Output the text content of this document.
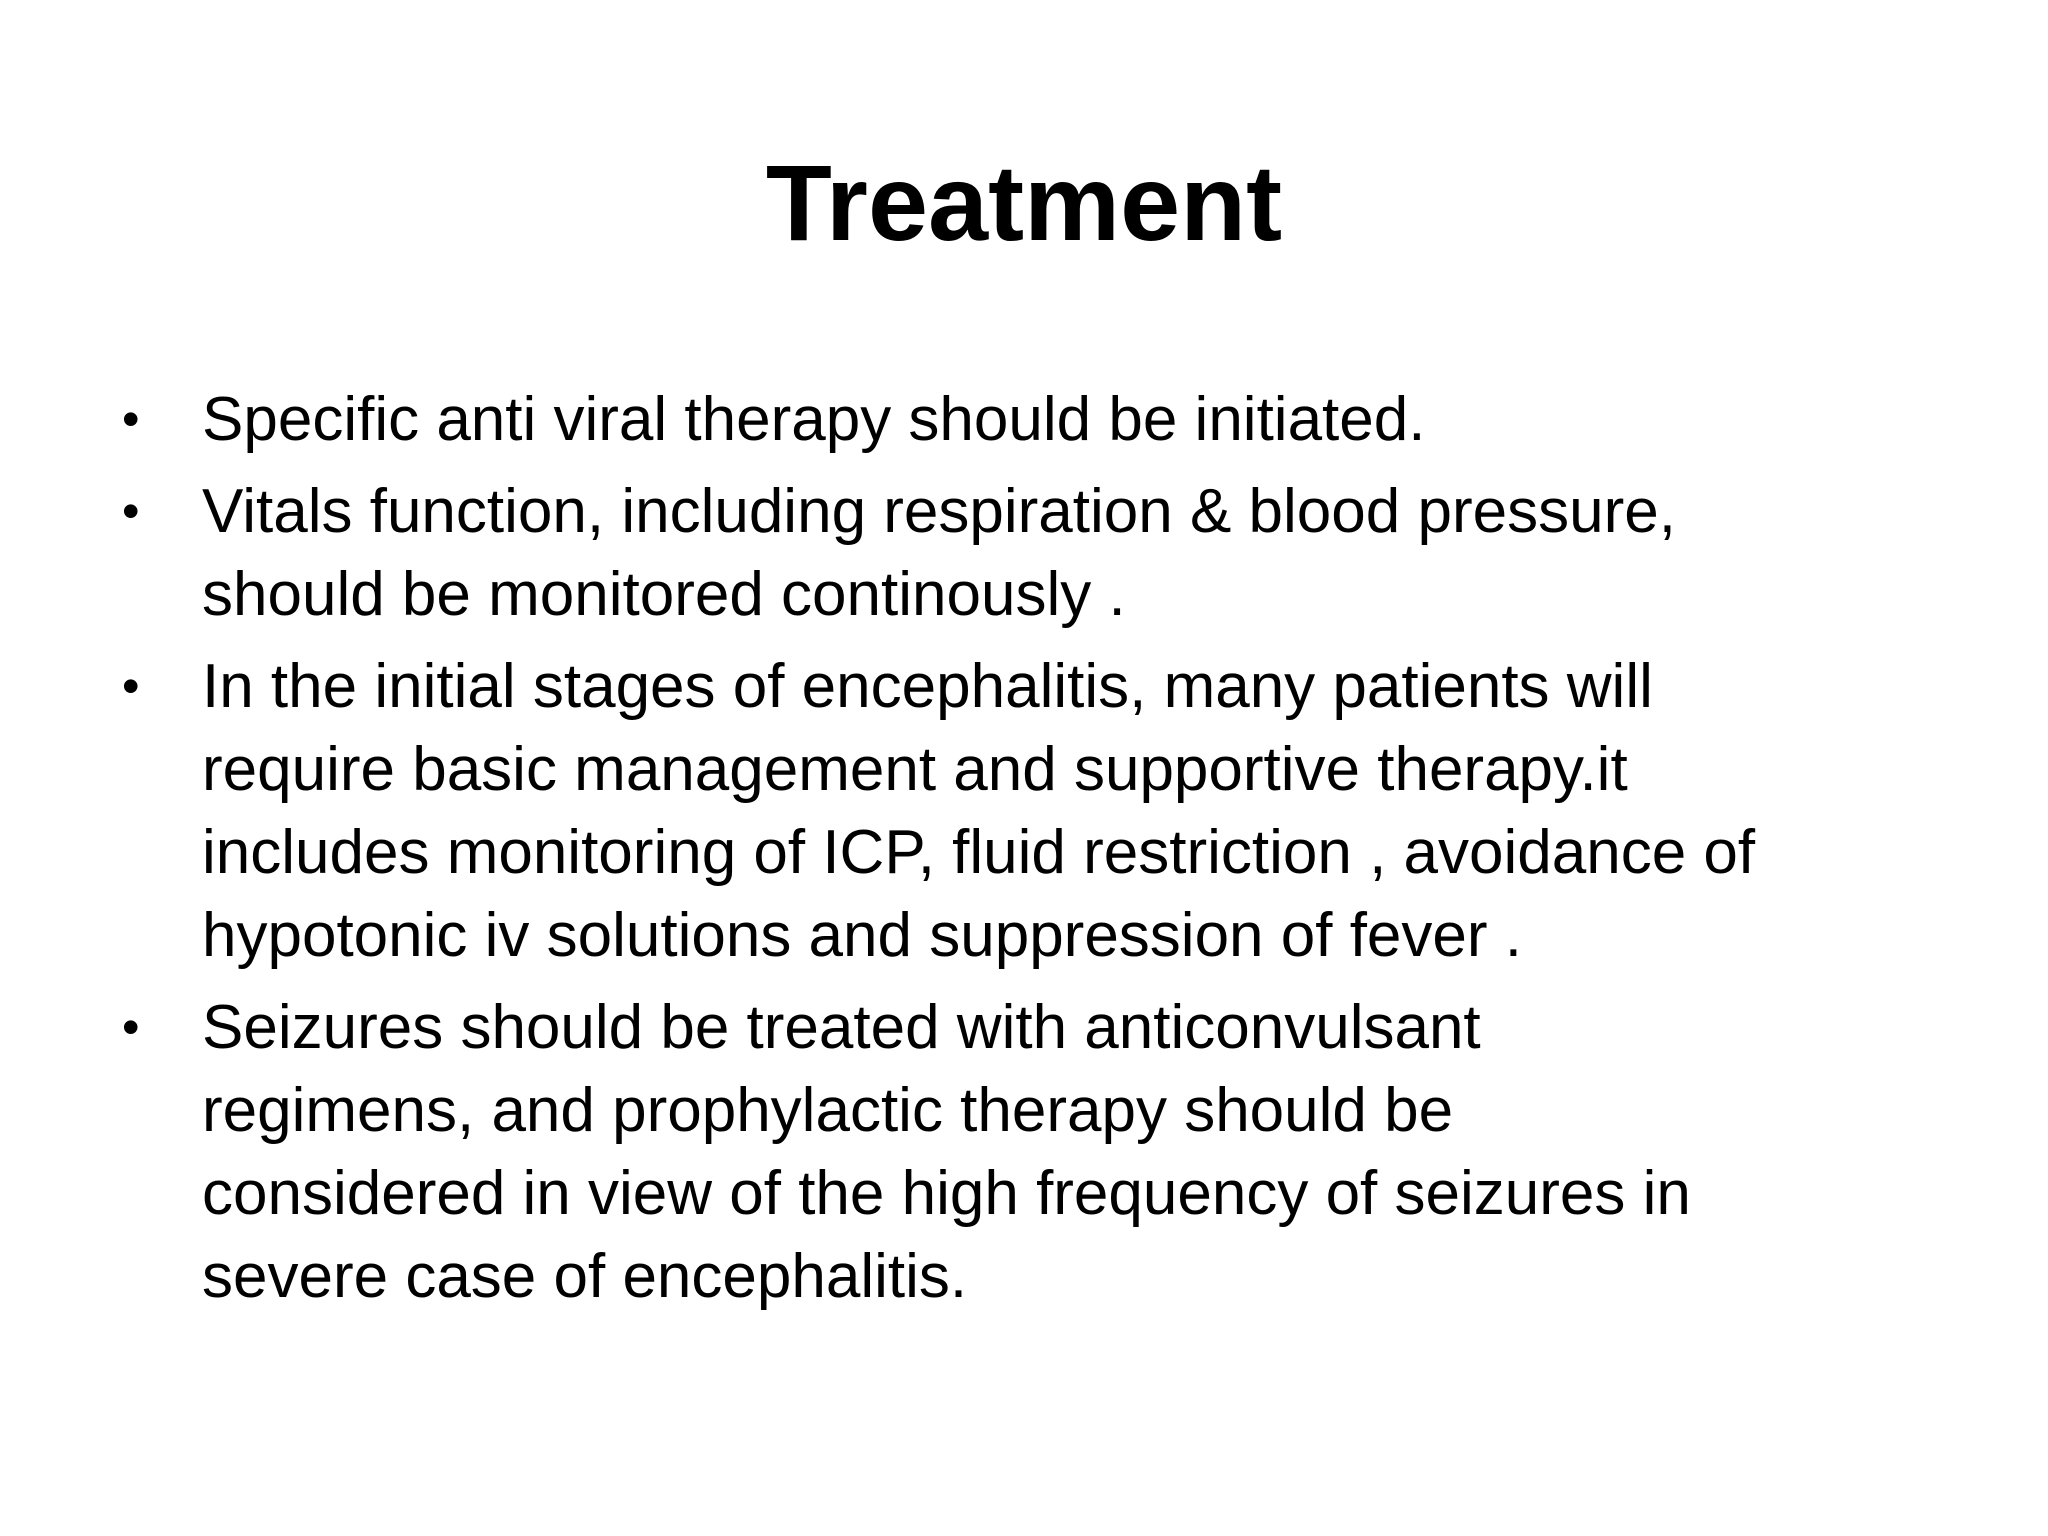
Treatment
• Specific anti viral therapy should be initiated.
• Vitals function, including respiration & blood pressure,
should be monitored continously .
• In the initial stages of encephalitis, many patients will
require basic management and supportive therapy.it
includes monitoring of ICP, fluid restriction , avoidance of
hypotonic iv solutions and suppression of fever .
• Seizures should be treated with anticonvulsant
regimens, and prophylactic therapy should be
considered in view of the high frequency of seizures in
severe case of encephalitis.
